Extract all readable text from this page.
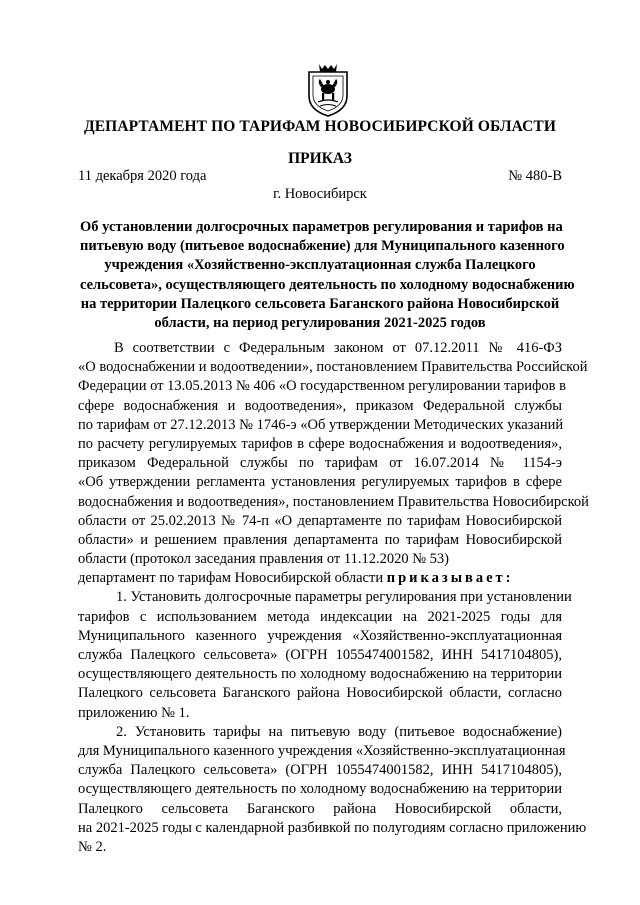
ДЕПАРТАМЕНТ ПО ТАРИФАМ НОВОСИБИРСКОЙ ОБЛАСТИ
ПРИКАЗ
11 декабря 2020 года	№ 480-В
г. Новосибирск
Об установлении долгосрочных параметров регулирования и тарифов на
питьевую воду (питьевое водоснабжение) для Муниципального казенного
учреждения «Хозяйственно-эксплуатационная служба Палецкого
сельсовета», осуществляющего деятельность по холодному водоснабжению
на территории Палецкого сельсовета Баганского района Новосибирской
области, на период регулирования 2021-2025 годов
В соответствии с Федеральным законом от 07.12.2011 № 416-ФЗ
«О водоснабжении и водоотведении», постановлением Правительства Российской
Федерации от 13.05.2013 № 406 «О государственном регулировании тарифов в
сфере водоснабжения и водоотведения», приказом Федеральной службы
по тарифам от 27.12.2013 № 1746-э «Об утверждении Методических указаний
по расчету регулируемых тарифов в сфере водоснабжения и водоотведения»,
приказом Федеральной службы по тарифам от 16.07.2014 № 1154-э
«Об утверждении регламента установления регулируемых тарифов в сфере
водоснабжения и водоотведения», постановлением Правительства Новосибирской
области от 25.02.2013 № 74-п «О департаменте по тарифам Новосибирской
области» и решением правления департамента по тарифам Новосибирской
области (протокол заседания правления от 11.12.2020 № 53)
департамент по тарифам Новосибирской области приказывает:
1. Установить долгосрочные параметры регулирования при установлении
тарифов с использованием метода индексации на 2021-2025 годы для
Муниципального казенного учреждения «Хозяйственно-эксплуатационная
служба Палецкого сельсовета» (ОГРН 1055474001582, ИНН 5417104805),
осуществляющего деятельность по холодному водоснабжению на территории
Палецкого сельсовета Баганского района Новосибирской области, согласно
приложению № 1.
2. Установить тарифы на питьевую воду (питьевое водоснабжение)
для Муниципального казенного учреждения «Хозяйственно-эксплуатационная
служба Палецкого сельсовета» (ОГРН 1055474001582, ИНН 5417104805),
осуществляющего деятельность по холодному водоснабжению на территории
Палецкого сельсовета Баганского района Новосибирской области,
на 2021-2025 годы с календарной разбивкой по полугодиям согласно приложению
№ 2.
